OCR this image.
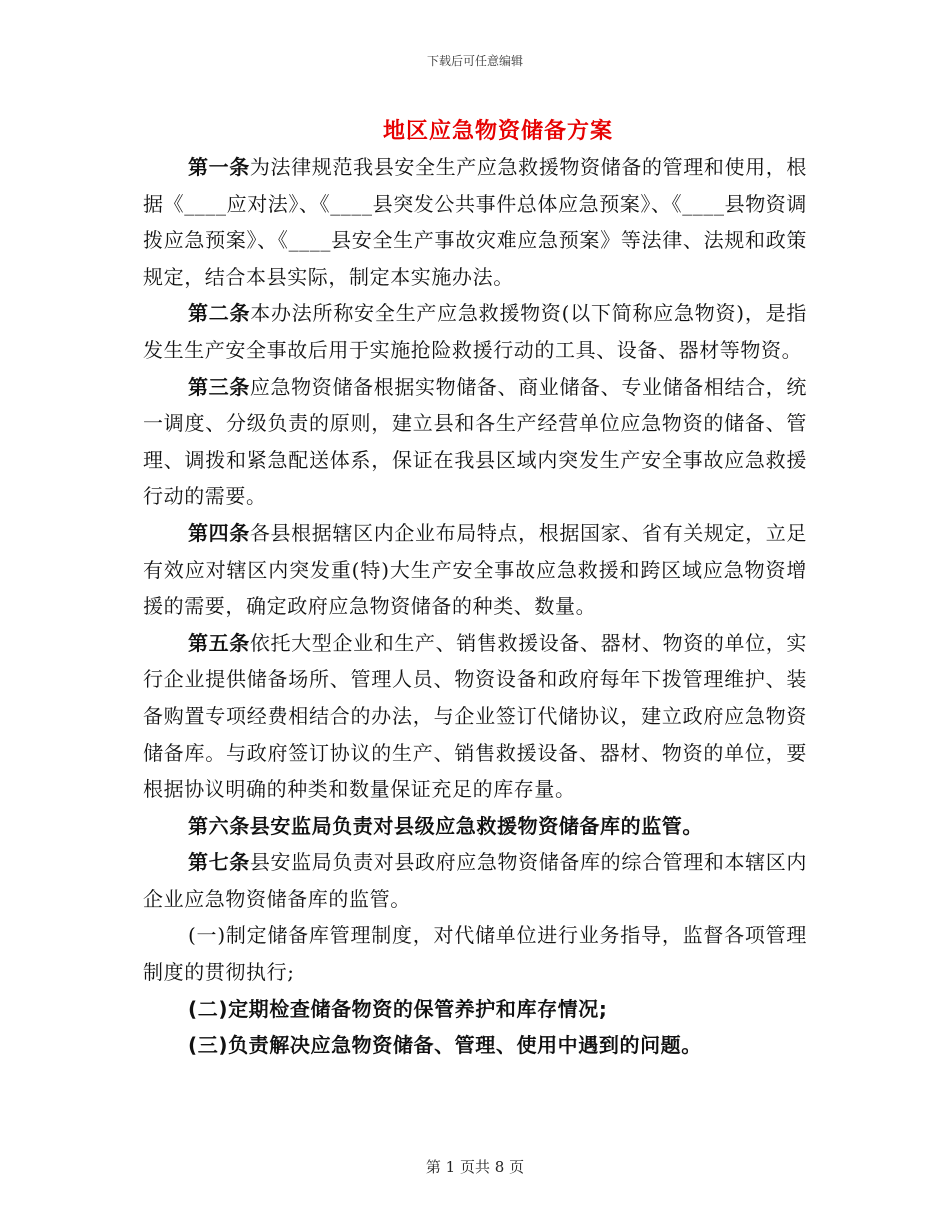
下载后可任意编辑
地区应急物资储备方案

第一条为法律规范我县安全生产应急救援物资储备的管理和使用，根据《____应对法》、《____县突发公共事件总体应急预案》、《____县物资调拨应急预案》、《____县安全生产事故灾难应急预案》等法律、法规和政策规定，结合本县实际，制定本实施办法。

第二条本办法所称安全生产应急救援物资(以下简称应急物资)，是指发生生产安全事故后用于实施抢险救援行动的工具、设备、器材等物资。

第三条应急物资储备根据实物储备、商业储备、专业储备相结合，统一调度、分级负责的原则，建立县和各生产经营单位应急物资的储备、管理、调拨和紧急配送体系，保证在我县区域内突发生产安全事故应急救援行动的需要。

第四条各县根据辖区内企业布局特点，根据国家、省有关规定，立足有效应对辖区内突发重(特)大生产安全事故应急救援和跨区域应急物资增援的需要，确定政府应急物资储备的种类、数量。

第五条依托大型企业和生产、销售救援设备、器材、物资的单位，实行企业提供储备场所、管理人员、物资设备和政府每年下拨管理维护、装备购置专项经费相结合的办法，与企业签订代储协议，建立政府应急物资储备库。与政府签订协议的生产、销售救援设备、器材、物资的单位，要根据协议明确的种类和数量保证充足的库存量。

第六条县安监局负责对县级应急救援物资储备库的监管。

第七条县安监局负责对县政府应急物资储备库的综合管理和本辖区内企业应急物资储备库的监管。

(一)制定储备库管理制度，对代储单位进行业务指导，监督各项管理制度的贯彻执行;

(二)定期检查储备物资的保管养护和库存情况;

(三)负责解决应急物资储备、管理、使用中遇到的问题。

第 1 页共 8 页
